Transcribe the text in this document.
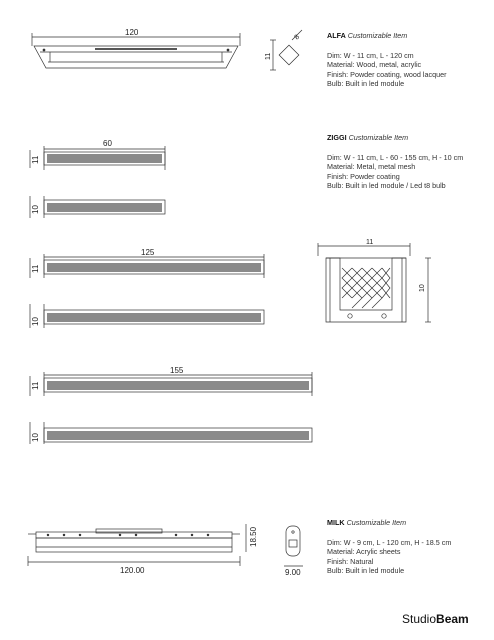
120
11
8
60
11
10
125
11
10
11
10
155
11
10
120.00
18.50
9.00
ALFA Customizable Item
Dim: W - 11 cm, L - 120 cm
Material: Wood, metal, acrylic
Finish: Powder coating, wood lacquer
Bulb: Built in led module
ZIGGI Customizable Item
Dim: W - 11 cm, L - 60 - 155 cm, H - 10 cm
Material: Metal, metal mesh
Finish: Powder coating
Bulb: Built in led module / Led t8 bulb
MILK Customizable Item
Dim: W - 9 cm, L - 120 cm, H - 18.5 cm
Material: Acrylic sheets
Finish: Natural
Bulb: Built in led module
StudioBeam
